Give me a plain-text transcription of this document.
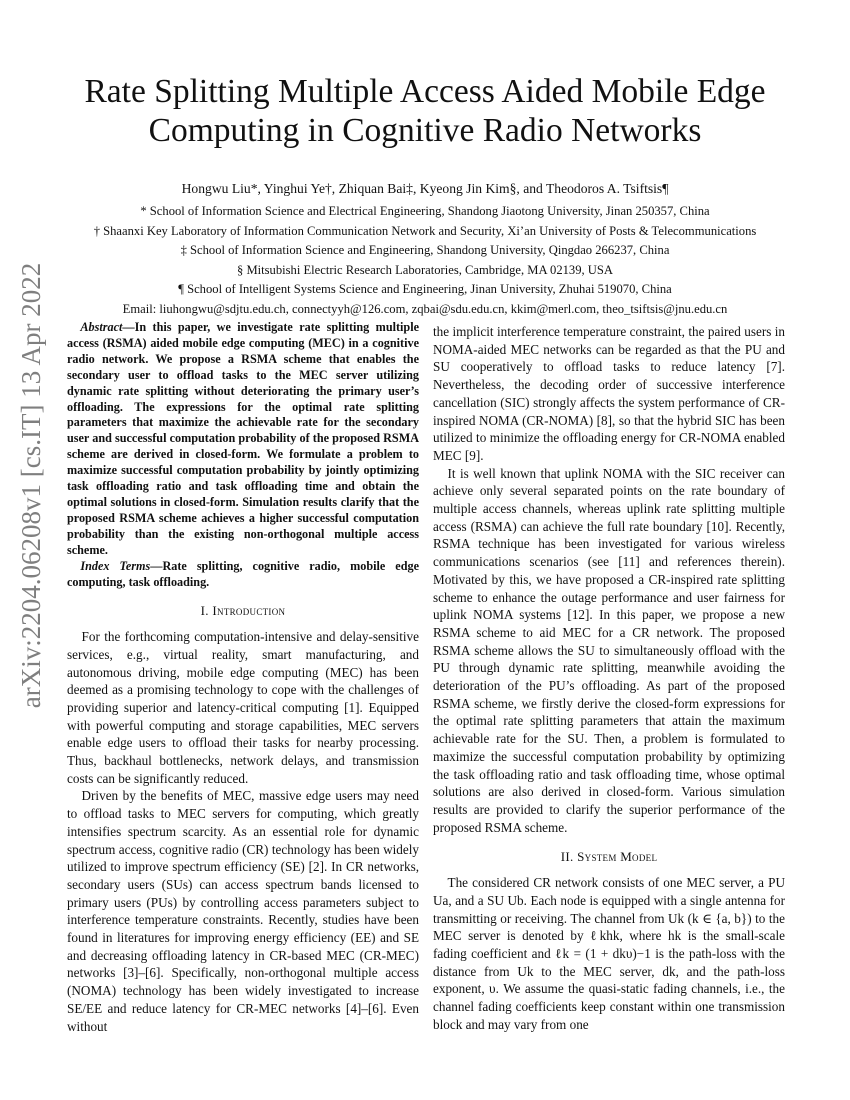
arXiv:2204.06208v1 [cs.IT] 13 Apr 2022
Rate Splitting Multiple Access Aided Mobile Edge
Computing in Cognitive Radio Networks
Hongwu Liu*, Yinghui Ye†, Zhiquan Bai‡, Kyeong Jin Kim§, and Theodoros A. Tsiftsis¶
* School of Information Science and Electrical Engineering, Shandong Jiaotong University, Jinan 250357, China
† Shaanxi Key Laboratory of Information Communication Network and Security, Xi’an University of Posts & Telecommunications
‡ School of Information Science and Engineering, Shandong University, Qingdao 266237, China
§ Mitsubishi Electric Research Laboratories, Cambridge, MA 02139, USA
¶ School of Intelligent Systems Science and Engineering, Jinan University, Zhuhai 519070, China
Email: liuhongwu@sdjtu.edu.ch, connectyyh@126.com, zqbai@sdu.edu.cn, kkim@merl.com, theo_tsiftsis@jnu.edu.cn

Abstract—In this paper, we investigate rate splitting multiple access (RSMA) aided mobile edge computing (MEC) in a cognitive radio network. We propose a RSMA scheme that enables the secondary user to offload tasks to the MEC server utilizing dynamic rate splitting without deteriorating the primary user’s offloading. The expressions for the optimal rate splitting parameters that maximize the achievable rate for the secondary user and successful computation probability of the proposed RSMA scheme are derived in closed-form. We formulate a problem to maximize successful computation probability by jointly optimizing task offloading ratio and task offloading time and obtain the optimal solutions in closed-form. Simulation results clarify that the proposed RSMA scheme achieves a higher successful computation probability than the existing non-orthogonal multiple access scheme.

Index Terms—Rate splitting, cognitive radio, mobile edge computing, task offloading.

I. Introduction

For the forthcoming computation-intensive and delay-sensitive services, e.g., virtual reality, smart manufacturing, and autonomous driving, mobile edge computing (MEC) has been deemed as a promising technology to cope with the challenges of providing superior and latency-critical computing [1]. Equipped with powerful computing and storage capabilities, MEC servers enable edge users to offload their tasks for nearby processing. Thus, backhaul bottlenecks, network delays, and transmission costs can be significantly reduced.

Driven by the benefits of MEC, massive edge users may need to offload tasks to MEC servers for computing, which greatly intensifies spectrum scarcity. As an essential role for dynamic spectrum access, cognitive radio (CR) technology has been widely utilized to improve spectrum efficiency (SE) [2]. In CR networks, secondary users (SUs) can access spectrum bands licensed to primary users (PUs) by controlling access parameters subject to interference temperature constraints. Recently, studies have been found in literatures for improving energy efficiency (EE) and SE and decreasing offloading latency in CR-based MEC (CR-MEC) networks [3]–[6]. Specifically, non-orthogonal multiple access (NOMA) technology has been widely investigated to increase SE/EE and reduce latency for CR-MEC networks [4]–[6]. Even without

the implicit interference temperature constraint, the paired users in NOMA-aided MEC networks can be regarded as that the PU and SU cooperatively to offload tasks to reduce latency [7]. Nevertheless, the decoding order of successive interference cancellation (SIC) strongly affects the system performance of CR-inspired NOMA (CR-NOMA) [8], so that the hybrid SIC has been utilized to minimize the offloading energy for CR-NOMA enabled MEC [9].

It is well known that uplink NOMA with the SIC receiver can achieve only several separated points on the rate boundary of multiple access channels, whereas uplink rate splitting multiple access (RSMA) can achieve the full rate boundary [10]. Recently, RSMA technique has been investigated for various wireless communications scenarios (see [11] and references therein). Motivated by this, we have proposed a CR-inspired rate splitting scheme to enhance the outage performance and user fairness for uplink NOMA systems [12]. In this paper, we propose a new RSMA scheme to aid MEC for a CR network. The proposed RSMA scheme allows the SU to simultaneously offload with the PU through dynamic rate splitting, meanwhile avoiding the deterioration of the PU’s offloading. As part of the proposed RSMA scheme, we firstly derive the closed-form expressions for the optimal rate splitting parameters that attain the maximum achievable rate for the SU. Then, a problem is formulated to maximize the successful computation probability by optimizing the task offloading ratio and task offloading time, whose optimal solutions are also derived in closed-form. Various simulation results are provided to clarify the superior performance of the proposed RSMA scheme.

II. System Model

The considered CR network consists of one MEC server, a PU Ua, and a SU Ub. Each node is equipped with a single antenna for transmitting or receiving. The channel from Uk (k ∈ {a, b}) to the MEC server is denoted by ℓkhk, where hk is the small-scale fading coefficient and ℓk = (1 + dkυ)−1 is the path-loss with the distance from Uk to the MEC server, dk, and the path-loss exponent, υ. We assume the quasi-static fading channels, i.e., the channel fading coefficients keep constant within one transmission block and may vary from one
